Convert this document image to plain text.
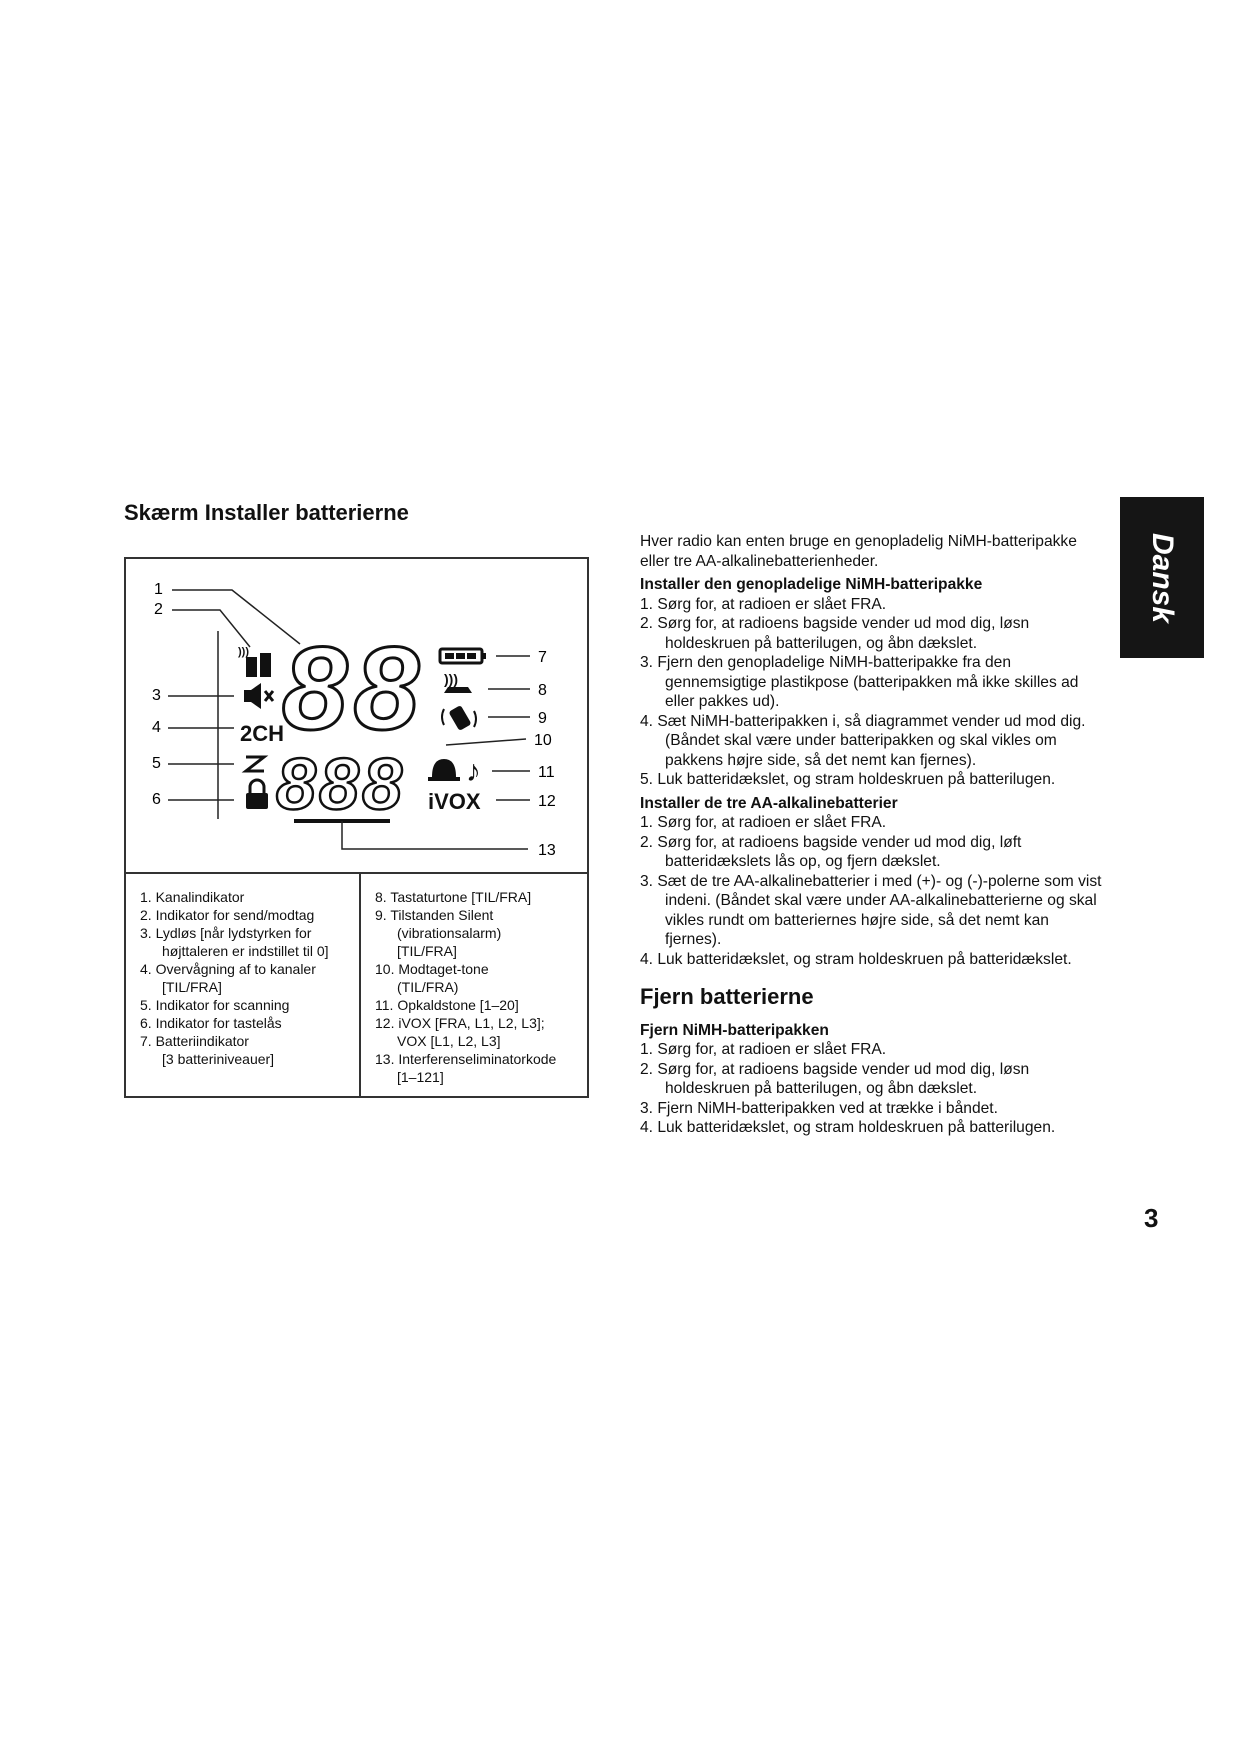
Skærm Installer batterierne
Dansk
3
1
2
3
4
5
6
)))
2CH
88
888
)))
♪
iVOX
7
8
9
10
11
12
13

1. Kanalindikator

2. Indikator for send/modtag

3. Lydløs [når lydstyrken for

højttaleren er indstillet til 0]

4. Overvågning af to kanaler

[TIL/FRA]

5. Indikator for scanning

6. Indikator for tastelås

7. Batteriindikator

[3 batteriniveauer]

8. Tastaturtone [TIL/FRA]

9. Tilstanden Silent

(vibrationsalarm)

[TIL/FRA]

10. Modtaget-tone

(TIL/FRA)

11. Opkaldstone [1–20]

12. iVOX [FRA, L1, L2, L3];

VOX [L1, L2, L3]

13. Interferenseliminatorkode

[1–121]

Hver radio kan enten bruge en genopladelig NiMH-batteripakke eller tre AA-alkalinebatterienheder.

Installer den genopladelige NiMH-batteripakke

1. Sørg for, at radioen er slået FRA.

2. Sørg for, at radioens bagside vender ud mod dig, løsn holdeskruen på batterilugen, og åbn dækslet.

3. Fjern den genopladelige NiMH-batteripakke fra den gennemsigtige plastikpose (batteripakken må ikke skilles ad eller pakkes ud).

4. Sæt NiMH-batteripakken i, så diagrammet vender ud mod dig. (Båndet skal være under batteripakken og skal vikles om pakkens højre side, så det nemt kan fjernes).

5. Luk batteridækslet, og stram holdeskruen på batterilugen.

Installer de tre AA-alkalinebatterier

1. Sørg for, at radioen er slået FRA.

2. Sørg for, at radioens bagside vender ud mod dig, løft batteridækslets lås op, og fjern dækslet.

3. Sæt de tre AA-alkalinebatterier i med (+)- og (-)-polerne som vist indeni. (Båndet skal være under AA-alkalinebatterierne og skal vikles rundt om batteriernes højre side, så det nemt kan fjernes).

4. Luk batteridækslet, og stram holdeskruen på batteridækslet.

Fjern batterierne

Fjern NiMH-batteripakken

1. Sørg for, at radioen er slået FRA.

2. Sørg for, at radioens bagside vender ud mod dig, løsn holdeskruen på batterilugen, og åbn dækslet.

3. Fjern NiMH-batteripakken ved at trække i båndet.

4. Luk batteridækslet, og stram holdeskruen på batterilugen.
